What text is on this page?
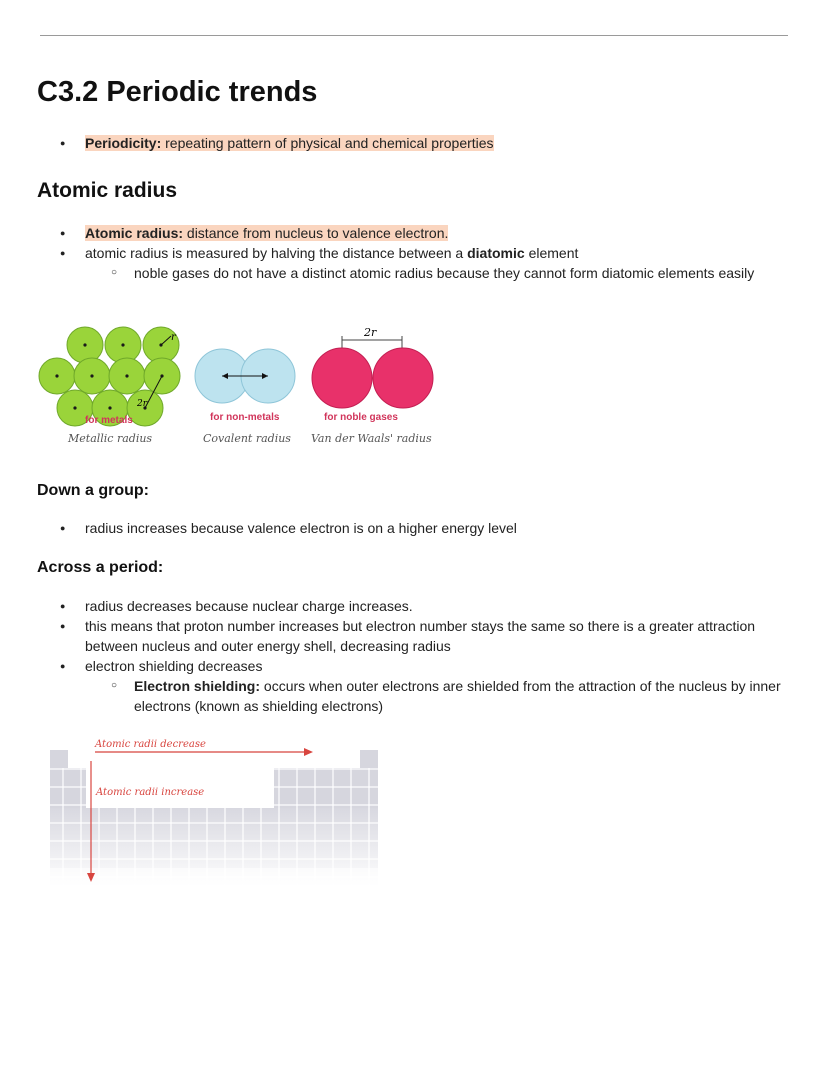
C3.2 Periodic trends
● Periodicity: repeating pattern of physical and chemical properties
Atomic radius
● Atomic radius: distance from nucleus to valence electron.
● atomic radius is measured by halving the distance between a diatomic element
○ noble gases do not have a distinct atomic radius because they cannot form diatomic elements easily
r
2r
2r
for metals	for non-metals	for noble gases
Metallic radius	Covalent radius Van der Waals' radius
Down a group:
● radius increases because valence electron is on a higher energy level
Across a period:
● radius decreases because nuclear charge increases.
● this means that proton number increases but electron number stays the same so there is a greater attraction between nucleus and outer energy shell, decreasing radius
● electron shielding decreases
○ Electron shielding: occurs when outer electrons are shielded from the attraction of the nucleus by inner electrons (known as shielding electrons)
Atomic radii decrease
Atomic radii increase
